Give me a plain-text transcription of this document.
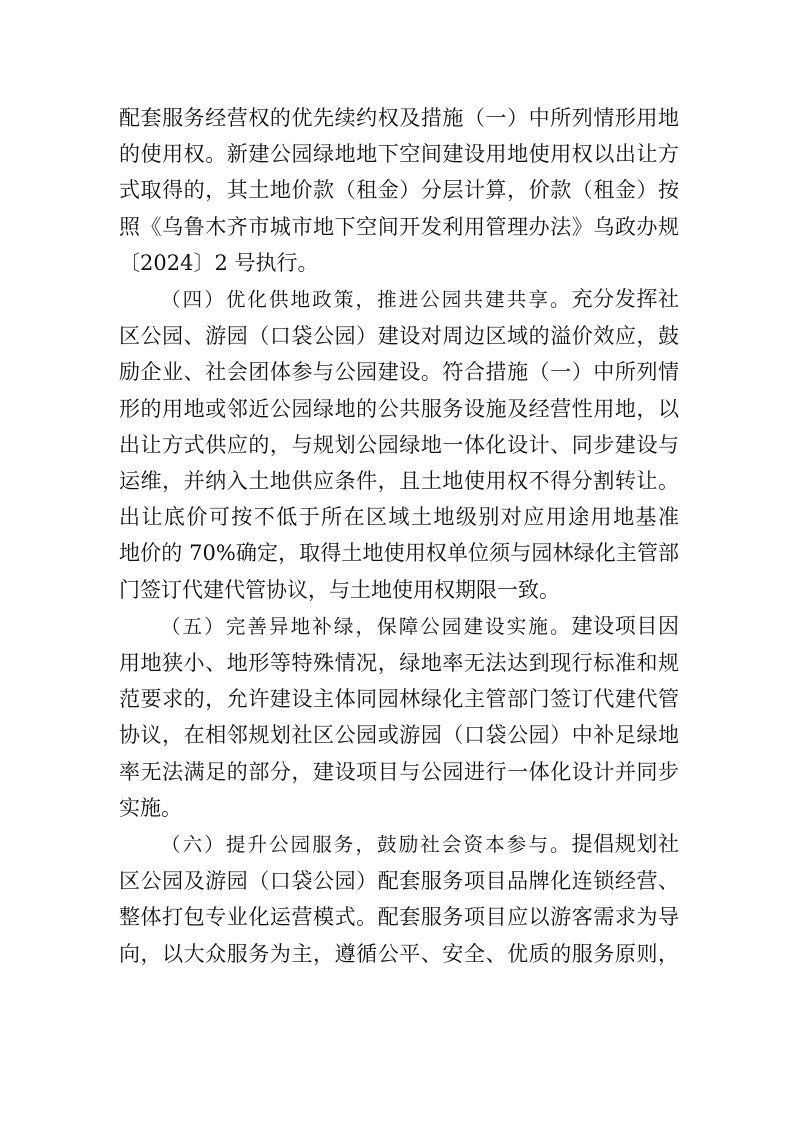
配套服务经营权的优先续约权及措施（一）中所列情形用地
的使用权。新建公园绿地地下空间建设用地使用权以出让方
式取得的，其土地价款（租金）分层计算，价款（租金）按
照《乌鲁木齐市城市地下空间开发利用管理办法》乌政办规
〔2024〕2 号执行。

（四）优化供地政策，推进公园共建共享。充分发挥社
区公园、游园（口袋公园）建设对周边区域的溢价效应，鼓
励企业、社会团体参与公园建设。符合措施（一）中所列情
形的用地或邻近公园绿地的公共服务设施及经营性用地，以
出让方式供应的，与规划公园绿地一体化设计、同步建设与
运维，并纳入土地供应条件，且土地使用权不得分割转让。
出让底价可按不低于所在区域土地级别对应用途用地基准
地价的 70%确定，取得土地使用权单位须与园林绿化主管部
门签订代建代管协议，与土地使用权期限一致。

（五）完善异地补绿，保障公园建设实施。建设项目因
用地狭小、地形等特殊情况，绿地率无法达到现行标准和规
范要求的，允许建设主体同园林绿化主管部门签订代建代管
协议，在相邻规划社区公园或游园（口袋公园）中补足绿地
率无法满足的部分，建设项目与公园进行一体化设计并同步
实施。

（六）提升公园服务，鼓励社会资本参与。提倡规划社
区公园及游园（口袋公园）配套服务项目品牌化连锁经营、
整体打包专业化运营模式。配套服务项目应以游客需求为导
向，以大众服务为主，遵循公平、安全、优质的服务原则，
